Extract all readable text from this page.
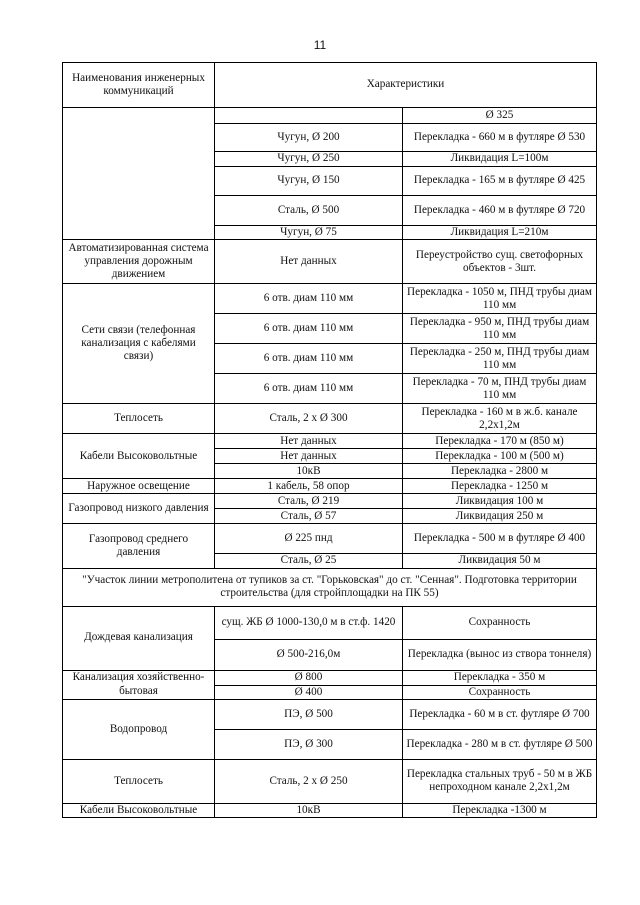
11
Наименования инженерных коммуникаций	Характеристики	
		Ø 325
	Чугун, Ø 200	Перекладка - 660 м в футляре Ø 530
	Чугун, Ø 250	Ликвидация L=100м
	Чугун, Ø 150	Перекладка - 165 м в футляре Ø 425
	Сталь, Ø 500	Перекладка - 460 м в футляре Ø 720
	Чугун, Ø 75	Ликвидация L=210м

Автоматизированная система управления дорожным движением	Нет данных	Переустройство сущ. светофорных объектов - 3шт.
Сети связи (телефонная канализация с кабелями связи)	6 отв. диам 110 мм	Перекладка - 1050 м, ПНД трубы диам 110 мм
	6 отв. диам 110 мм	Перекладка - 950 м, ПНД трубы диам 110 мм
	6 отв. диам 110 мм	Перекладка - 250 м, ПНД трубы диам 110 мм
	6 отв. диам 110 мм	Перекладка - 70 м, ПНД трубы диам 110 мм
Теплосеть	Сталь, 2 х Ø 300	Перекладка - 160 м в ж.б. канале 2,2х1,2м
Кабели Высоковольтные	Нет данных	Перекладка - 170 м (850 м)
	Нет данных	Перекладка - 100 м (500 м)
	10кВ	Перекладка - 2800 м
Наружное освещение	1 кабель, 58 опор	Перекладка - 1250 м
Газопровод низкого давления	Сталь, Ø 219	Ликвидация 100 м
	Сталь, Ø 57	Ликвидация 250 м
Газопровод среднего давления	Ø 225 пнд	Перекладка - 500 м в футляре Ø 400
	Сталь, Ø 25	Ликвидация 50 м
"Участок линии метрополитена от тупиков за ст. "Горьковская" до ст. "Сенная". Подготовка территории строительства (для стройплощадки на ПК 55)		
Дождевая канализация	сущ. ЖБ Ø 1000-130,0 м в ст.ф. 1420	Сохранность
	Ø 500-216,0м	Перекладка (вынос из створа тоннеля)
Канализация хозяйственно-бытовая	Ø 800	Перекладка - 350 м
	Ø 400	Сохранность
Водопровод	ПЭ, Ø 500	Перекладка - 60 м в ст. футляре Ø 700
	ПЭ, Ø 300	Перекладка - 280 м в ст. футляре Ø 500
Теплосеть	Сталь, 2 х Ø 250	Перекладка стальных труб - 50 м в ЖБ непроходном канале 2,2х1,2м
Кабели Высоковольтные	10кВ	Перекладка -1300 м
